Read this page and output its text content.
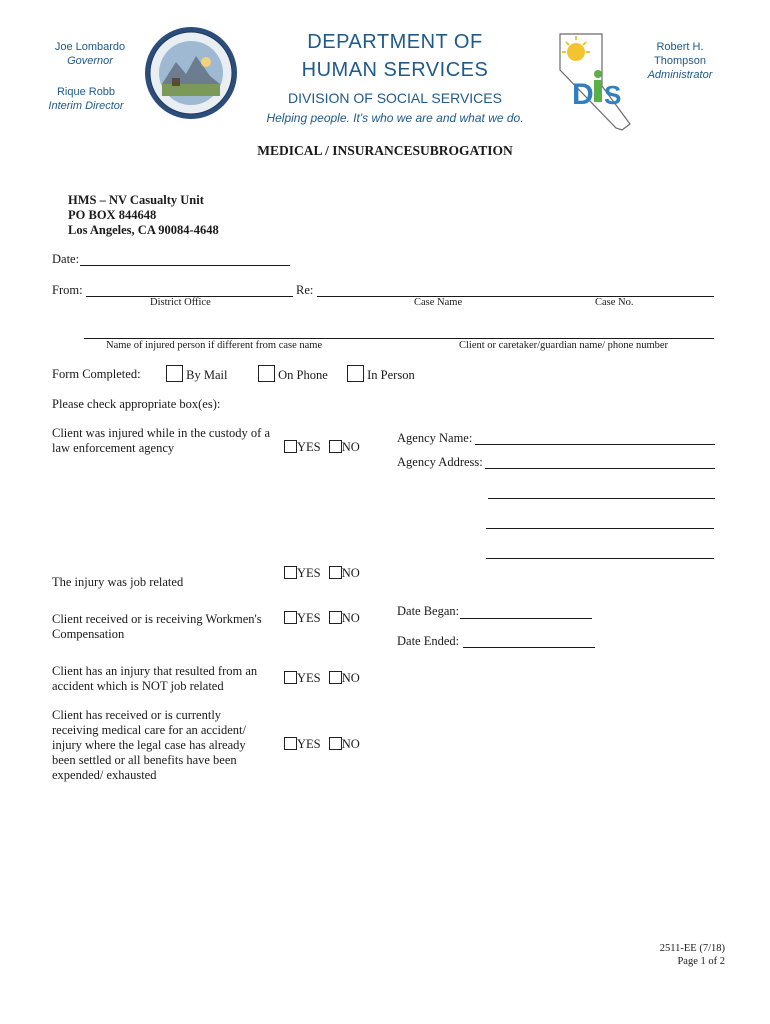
Joe Lombardo
Governor
Rique Robb
Interim Director
DEPARTMENT OF
HUMAN SERVICES
DIVISION OF SOCIAL SERVICES
Helping people. It's who we are and what we do.
D S
Robert H. Thompson
Administrator
MEDICAL / INSURANCESUBROGATION
HMS – NV Casualty Unit
PO BOX 844648
Los Angeles, CA 90084-4648
Date:
From:	Re:
District Office	Case Name	Case No.
Name of injured person if different from case name	Client or caretaker/guardian name/ phone number
Form Completed:	By Mail	On Phone	In Person
Please check appropriate box(es):
Client was injured while in the custody of a law enforcement agency	YES NO
Agency Name:
Agency Address:
The injury was job related
YES NO
Client received or is receiving Workmen's Compensation
YES NO	Date Began:
Date Ended:
Client has an injury that resulted from an accident which is NOT job related
YES NO
Client has received or is currently receiving medical care for an accident/ injury where the legal case has already been settled or all benefits have been expended/ exhausted
YES NO
2511-EE (7/18)
Page 1 of 2
